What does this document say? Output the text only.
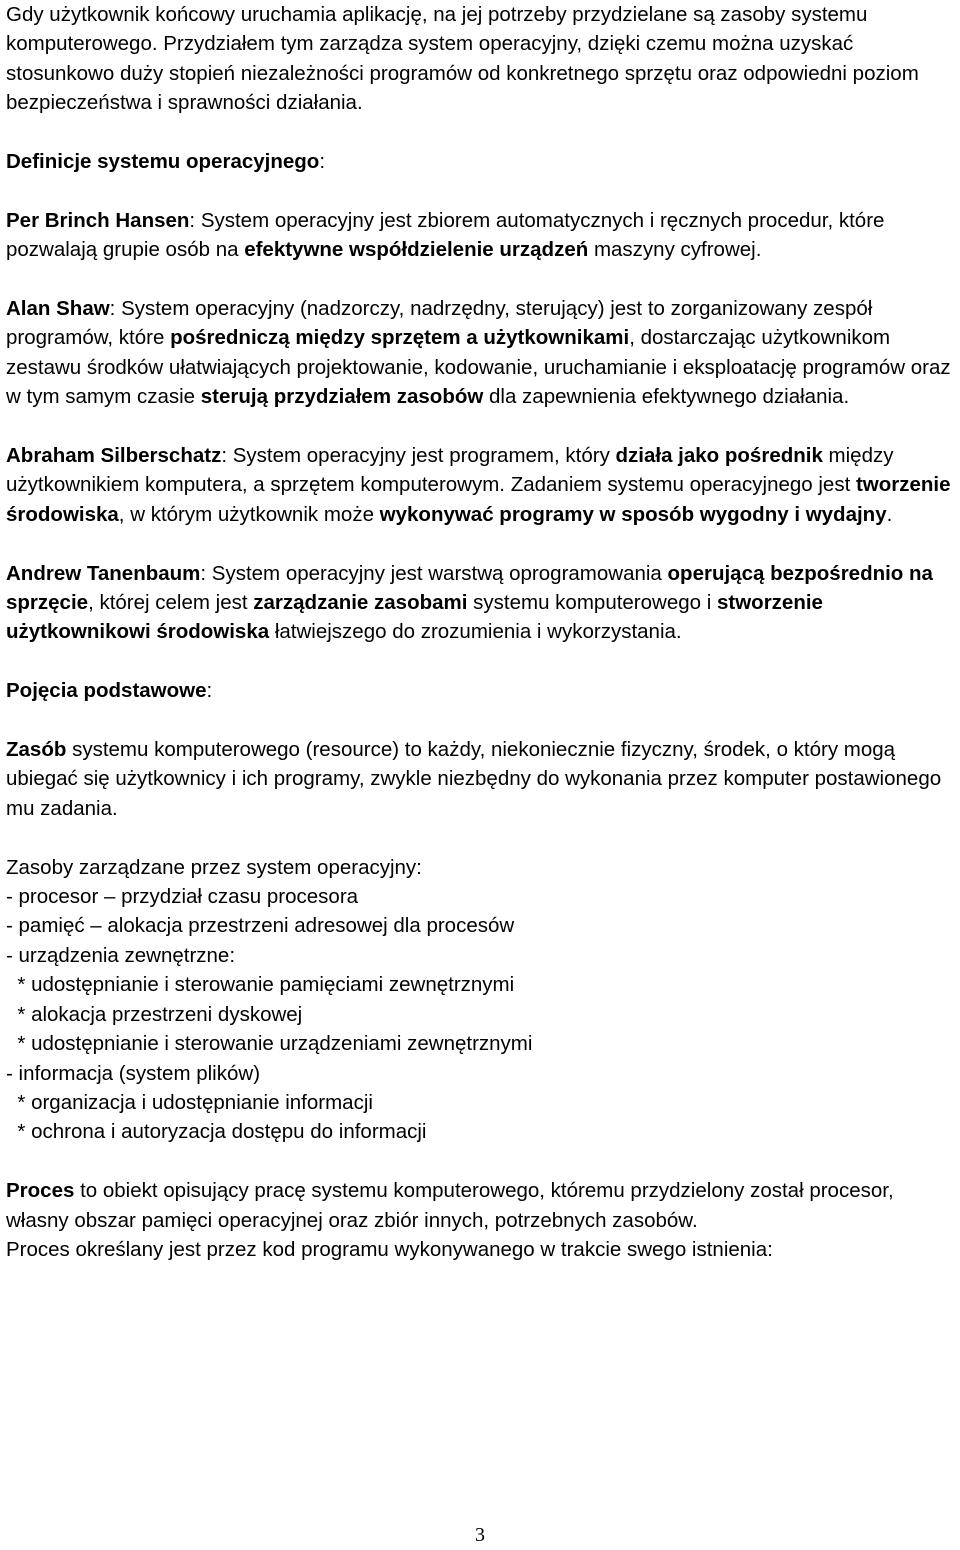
Gdy użytkownik końcowy uruchamia aplikację, na jej potrzeby przydzielane są zasoby systemu komputerowego. Przydziałem tym zarządza system operacyjny, dzięki czemu można uzyskać stosunkowo duży stopień niezależności programów od konkretnego sprzętu oraz odpowiedni poziom bezpieczeństwa i sprawności działania.

Definicje systemu operacyjnego:

Per Brinch Hansen: System operacyjny jest zbiorem automatycznych i ręcznych procedur, które pozwalają grupie osób na efektywne współdzielenie urządzeń maszyny cyfrowej.

Alan Shaw: System operacyjny (nadzorczy, nadrzędny, sterujący) jest to zorganizowany zespół programów, które pośredniczą między sprzętem a użytkownikami, dostarczając użytkownikom zestawu środków ułatwiających projektowanie, kodowanie, uruchamianie i eksploatację programów oraz w tym samym czasie sterują przydziałem zasobów dla zapewnienia efektywnego działania.

Abraham Silberschatz: System operacyjny jest programem, który działa jako pośrednik między użytkownikiem komputera, a sprzętem komputerowym. Zadaniem systemu operacyjnego jest tworzenie środowiska, w którym użytkownik może wykonywać programy w sposób wygodny i wydajny.

Andrew Tanenbaum: System operacyjny jest warstwą oprogramowania operującą bezpośrednio na sprzęcie, której celem jest zarządzanie zasobami systemu komputerowego i stworzenie użytkownikowi środowiska łatwiejszego do zrozumienia i wykorzystania.

Pojęcia podstawowe:

Zasób systemu komputerowego (resource) to każdy, niekoniecznie fizyczny, środek, o który mogą ubiegać się użytkownicy i ich programy, zwykle niezbędny do wykonania przez komputer postawionego mu zadania.

Zasoby zarządzane przez system operacyjny:

- procesor – przydział czasu procesora
- pamięć – alokacja przestrzeni adresowej dla procesów
- urządzenia zewnętrzne:
* udostępnianie i sterowanie pamięciami zewnętrznymi
* alokacja przestrzeni dyskowej
* udostępnianie i sterowanie urządzeniami zewnętrznymi
- informacja (system plików)
* organizacja i udostępnianie informacji
* ochrona i autoryzacja dostępu do informacji

Proces to obiekt opisujący pracę systemu komputerowego, któremu przydzielony został procesor, własny obszar pamięci operacyjnej oraz zbiór innych, potrzebnych zasobów.

Proces określany jest przez kod programu wykonywanego w trakcie swego istnienia:

3
